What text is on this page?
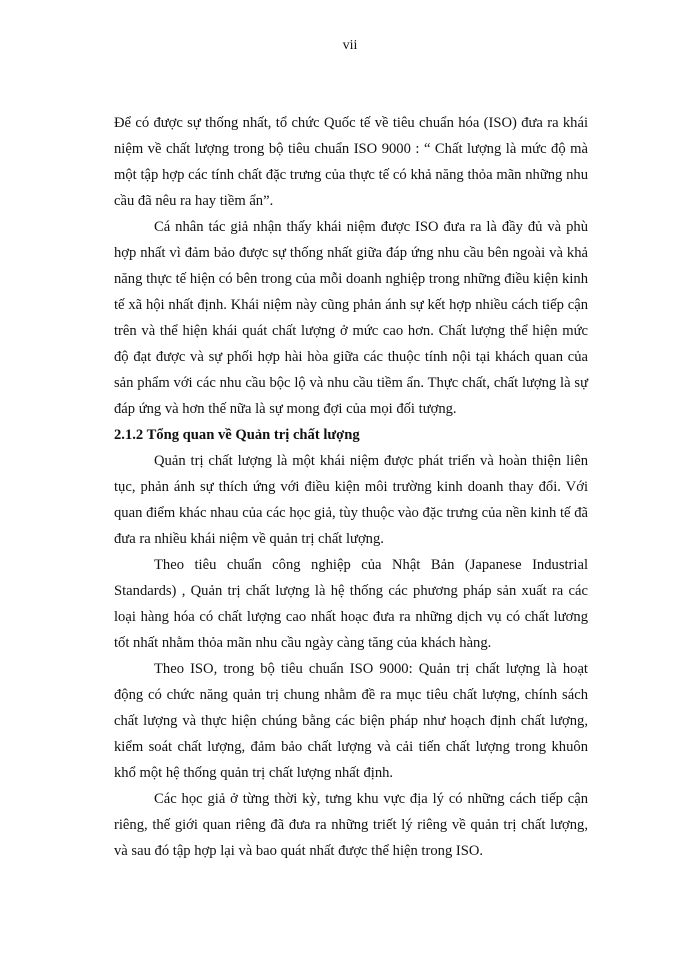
vii

Để có được sự thống nhất, tổ chức Quốc tế về tiêu chuẩn hóa (ISO) đưa ra khái niệm về chất lượng trong bộ tiêu chuẩn ISO 9000 : “ Chất lượng là mức độ mà một tập hợp các tính chất đặc trưng của thực tế có khả năng thỏa mãn những nhu cầu đã nêu ra hay tiềm ẩn”.

Cá nhân tác giả nhận thấy khái niệm được ISO đưa ra là đầy đủ và phù hợp nhất vì đảm bảo được sự thống nhất giữa đáp ứng nhu cầu bên ngoài và khả năng thực tế hiện có bên trong của mỗi doanh nghiệp trong những điều kiện kinh tế xã hội nhất định. Khái niệm này cũng phản ánh sự kết hợp nhiều cách tiếp cận trên và thể hiện khái quát chất lượng ở mức cao hơn. Chất lượng thể hiện mức độ đạt được và sự phối hợp hài hòa giữa các thuộc tính nội tại khách quan của sản phẩm với các nhu cầu bộc lộ và nhu cầu tiềm ẩn. Thực chất, chất lượng là sự đáp ứng và hơn thế nữa là sự mong đợi của mọi đối tượng.

2.1.2 Tổng quan về Quản trị chất lượng

Quản trị chất lượng là một khái niệm được phát triển và hoàn thiện liên tục, phản ánh sự thích ứng với điều kiện môi trường kinh doanh thay đổi. Với quan điểm khác nhau của các học giả, tùy thuộc vào đặc trưng của nền kinh tế đã đưa ra nhiều khái niệm về quản trị chất lượng.

Theo tiêu chuẩn công nghiệp của Nhật Bản (Japanese Industrial Standards) , Quản trị chất lượng là hệ thống các phương pháp sản xuất ra các loại hàng hóa có chất lượng cao nhất hoạc đưa ra những dịch vụ có chất lương tốt nhất nhằm thỏa mãn nhu cầu ngày càng tăng của khách hàng.

Theo ISO, trong bộ tiêu chuẩn ISO 9000: Quản trị chất lượng là hoạt động có chức năng quản trị chung nhằm đề ra mục tiêu chất lượng, chính sách chất lượng và thực hiện chúng bằng các biện pháp như hoạch định chất lượng, kiểm soát chất lượng, đảm bảo chất lượng và cải tiến chất lượng trong khuôn khổ một hệ thống quản trị chất lượng nhất định.

Các học giả ở từng thời kỳ, tưng khu vực địa lý có những cách tiếp cận riêng, thế giới quan riêng đã đưa ra những triết lý riêng về quản trị chất lượng, và sau đó tập hợp lại và bao quát nhất được thể hiện trong ISO.
